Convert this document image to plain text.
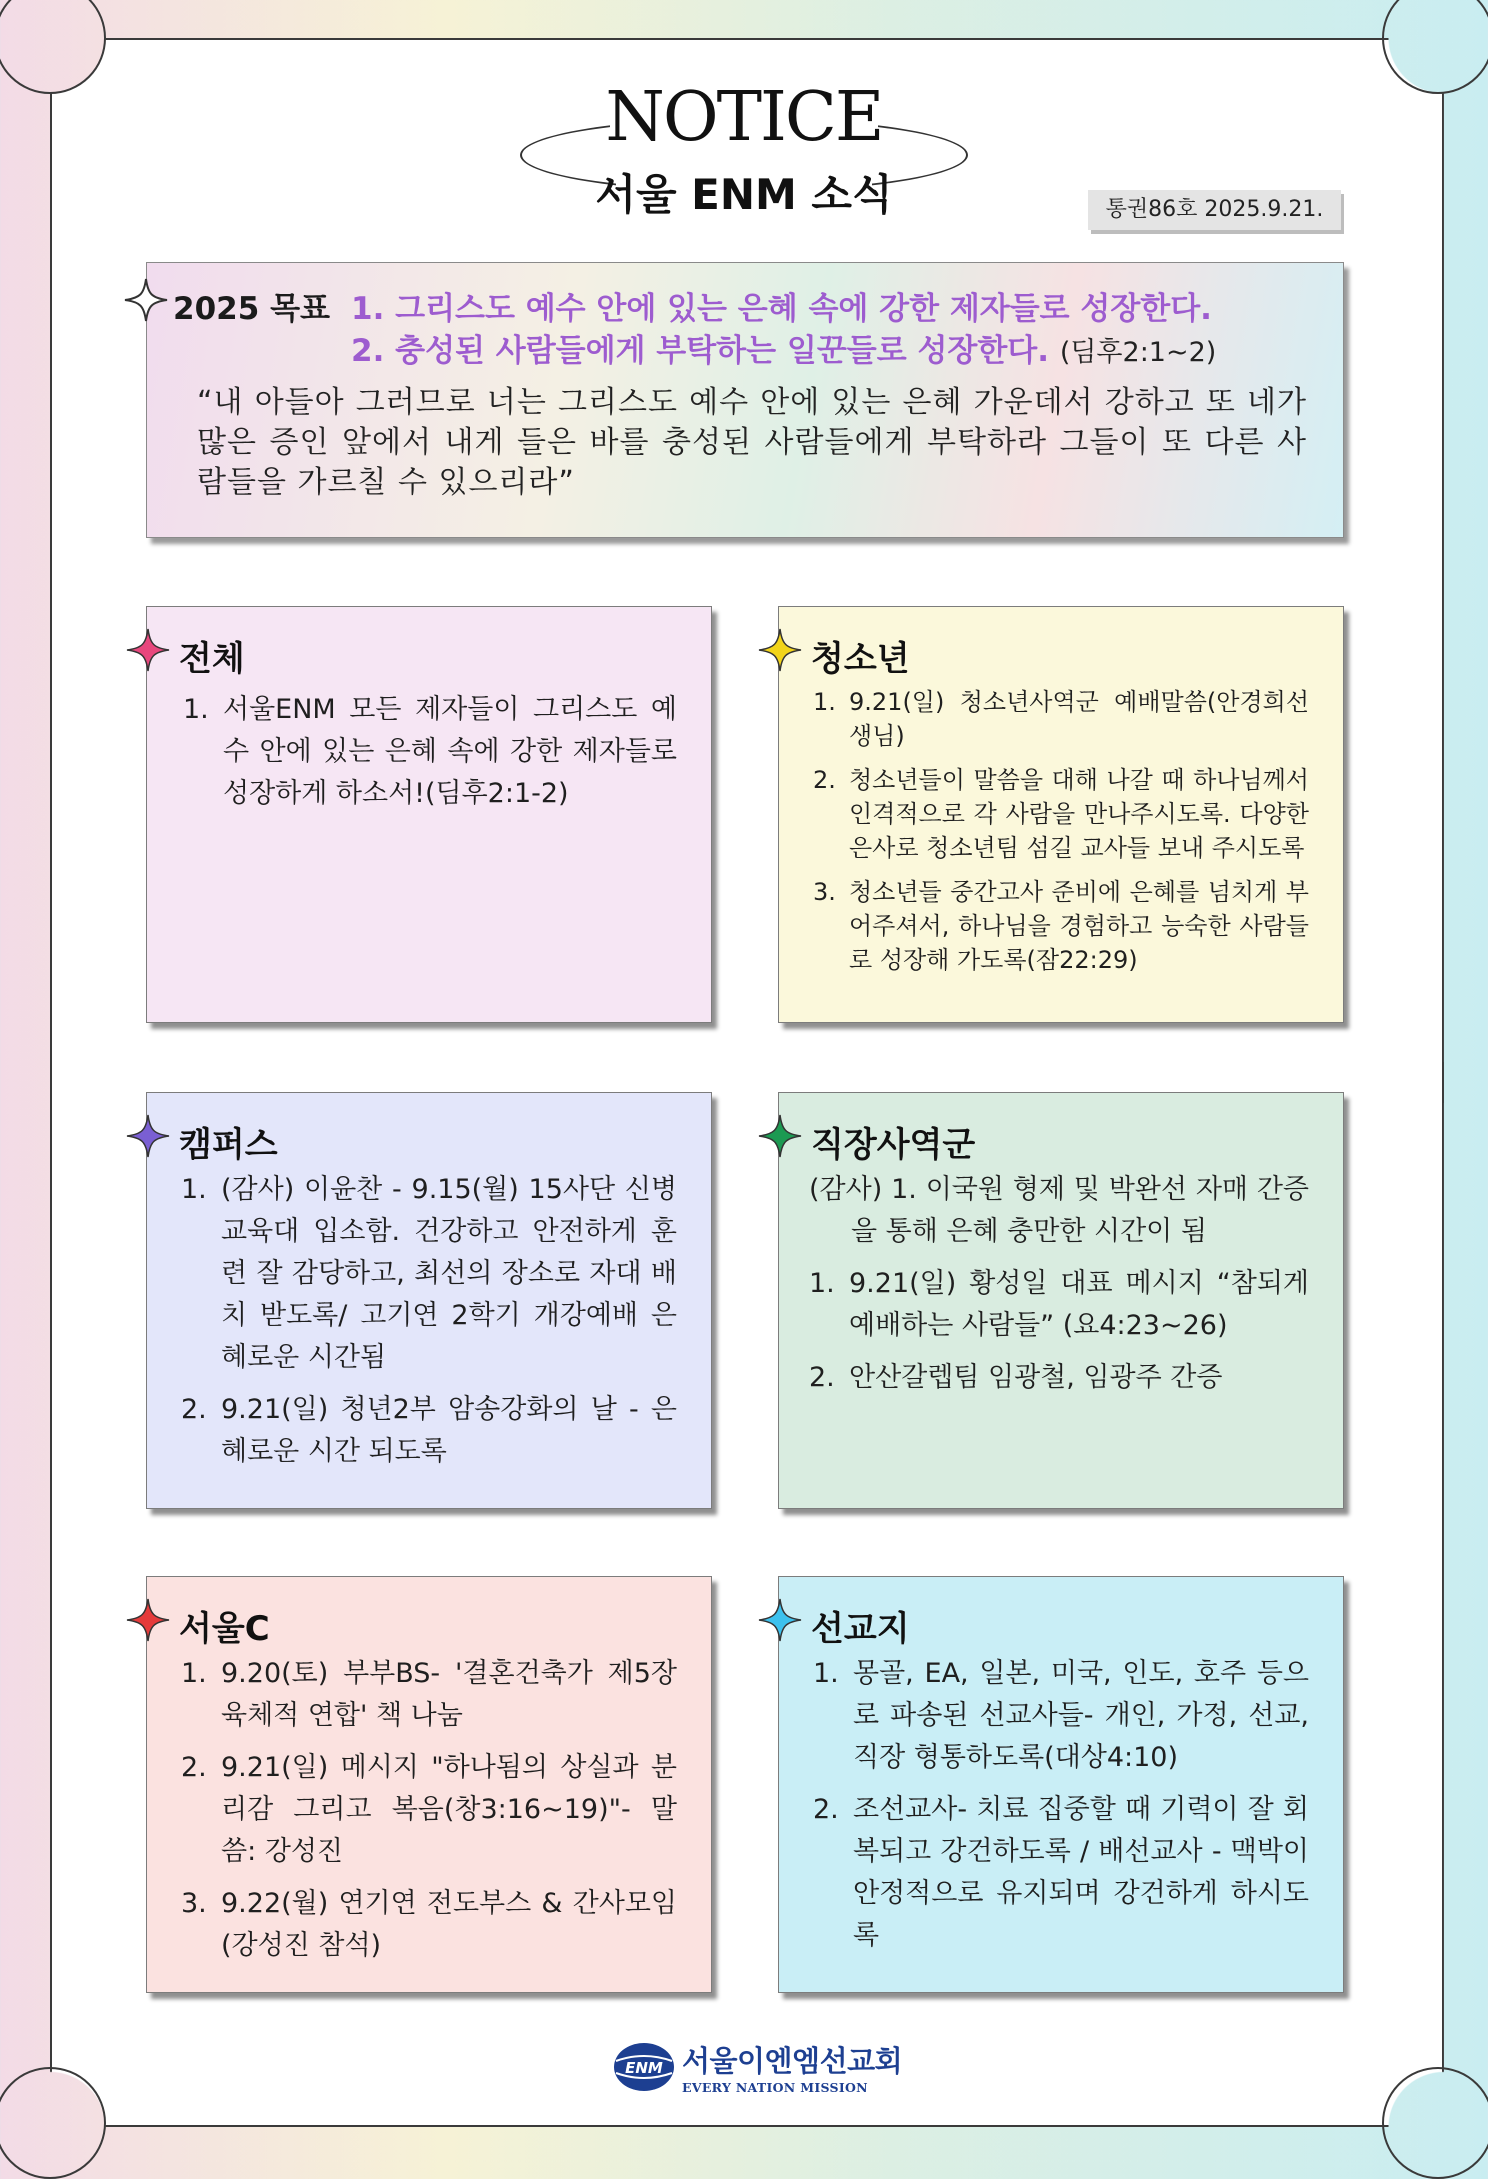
NOTICE
서울 ENM 소식	통권86호 2025.9.21.
2025 목표 1. 그리스도 예수 안에 있는 은혜 속에 강한 제자들로 성장한다.
2. 충성된 사람들에게 부탁하는 일꾼들로 성장한다. (딤후2:1~2)
“내 아들아 그러므로 너는 그리스도 예수 안에 있는 은혜 가운데서 강하고 또 네가 많은 증인 앞에서 내게 들은 바를 충성된 사람들에게 부탁하라 그들이 또 다른 사람들을 가르칠 수 있으리라”
전체
1. 서울ENM 모든 제자들이 그리스도 예수 안에 있는 은혜 속에 강한 제자들로 성장하게 하소서!(딤후2:1-2)
청소년
1. 9.21(일) 청소년사역군 예배말씀(안경희선생님)
2. 청소년들이 말씀을 대해 나갈 때 하나님께서 인격적으로 각 사람을 만나주시도록. 다양한 은사로 청소년팀 섬길 교사들 보내 주시도록
3. 청소년들 중간고사 준비에 은혜를 넘치게 부어주셔서, 하나님을 경험하고 능숙한 사람들로 성장해 가도록(잠22:29)
캠퍼스
1. (감사) 이윤찬 - 9.15(월) 15사단 신병교육대 입소함. 건강하고 안전하게 훈련 잘 감당하고, 최선의 장소로 자대 배치 받도록/ 고기연 2학기 개강예배 은혜로운 시간됨
2. 9.21(일) 청년2부 암송강화의 날 - 은혜로운 시간 되도록
직장사역군
(감사) 1. 이국원 형제 및 박완선 자매 간증을 통해 은혜 충만한 시간이 됨
1. 9.21(일) 황성일 대표 메시지 “참되게 예배하는 사람들” (요4:23~26)
2. 안산갈렙팀 임광철, 임광주 간증
서울C
1. 9.20(토) 부부BS- '결혼건축가 제5장 육체적 연합' 책 나눔
2. 9.21(일) 메시지 "하나됨의 상실과 분리감 그리고 복음(창3:16~19)"- 말씀: 강성진
3. 9.22(월) 연기연 전도부스 & 간사모임 (강성진 참석)
선교지
1. 몽골, EA, 일본, 미국, 인도, 호주 등으로 파송된 선교사들- 개인, 가정, 선교, 직장 형통하도록(대상4:10)
2. 조선교사- 치료 집중할 때 기력이 잘 회복되고 강건하도록 / 배선교사 - 맥박이 안정적으로 유지되며 강건하게 하시도록
ENM 서울이엔엠선교회
EVERY NATION MISSION
